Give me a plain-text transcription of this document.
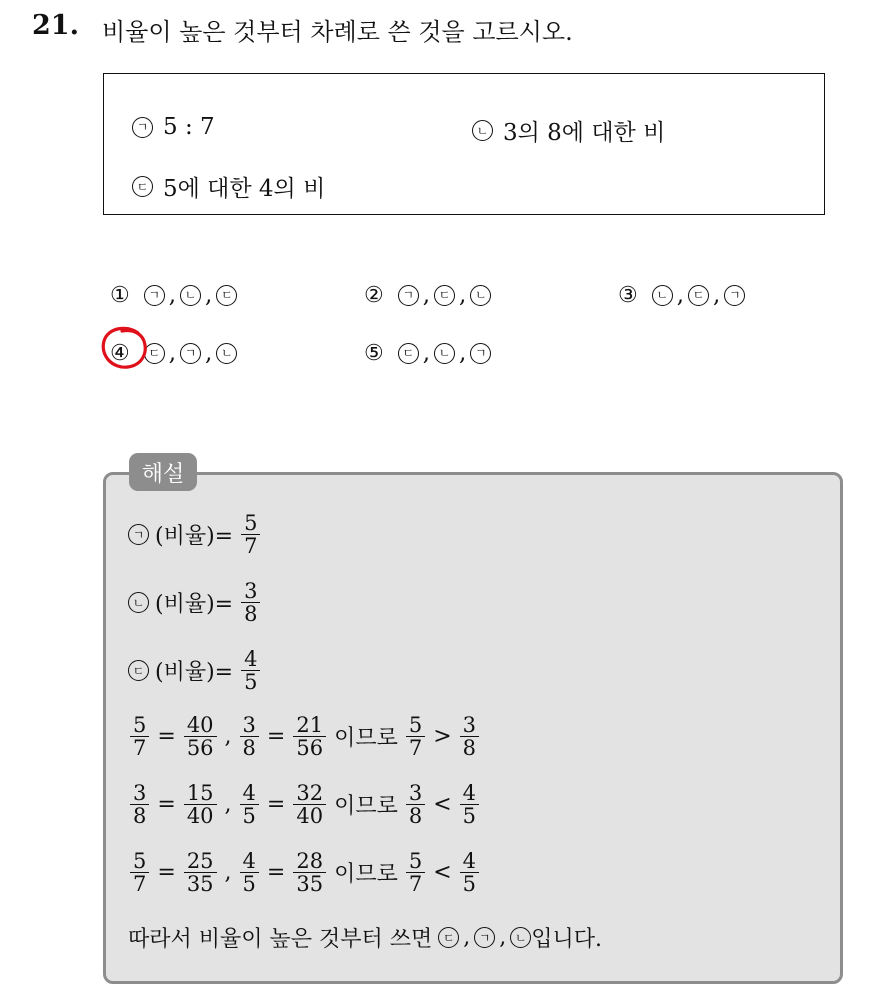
21. 비율이 높은 것부터 차례로 쓴 것을 고르시오.
ㄱ 5 : 7	ㄴ 3의 8에 대한 비
ㄷ 5에 대한 4의 비
①	ㄱ , ㄴ , ㄷ	②	ㄱ , ㄷ , ㄴ	③	ㄴ , ㄷ , ㄱ
④	ㄷ , ㄱ , ㄴ	⑤	ㄷ , ㄴ , ㄱ
해설
ㄱ (비율)= $\frac{5}{7}$
ㄴ (비율)= $\frac{3}{8}$
ㄷ (비율)= $\frac{4}{5}$
$\frac{5}{7} = \frac{40}{56}$ , $\frac{3}{8} = \frac{21}{56}$ 이므로 $\frac{5}{7} > \frac{3}{8}$
$\frac{3}{8} = \frac{15}{40}$ , $\frac{4}{5} = \frac{32}{40}$ 이므로 $\frac{3}{8} < \frac{4}{5}$
$\frac{5}{7} = \frac{25}{35}$ , $\frac{4}{5} = \frac{28}{35}$ 이므로 $\frac{5}{7} < \frac{4}{5}$
따라서 비율이 높은 것부터 쓰면 ㄷ , ㄱ , ㄴ 입니다.
